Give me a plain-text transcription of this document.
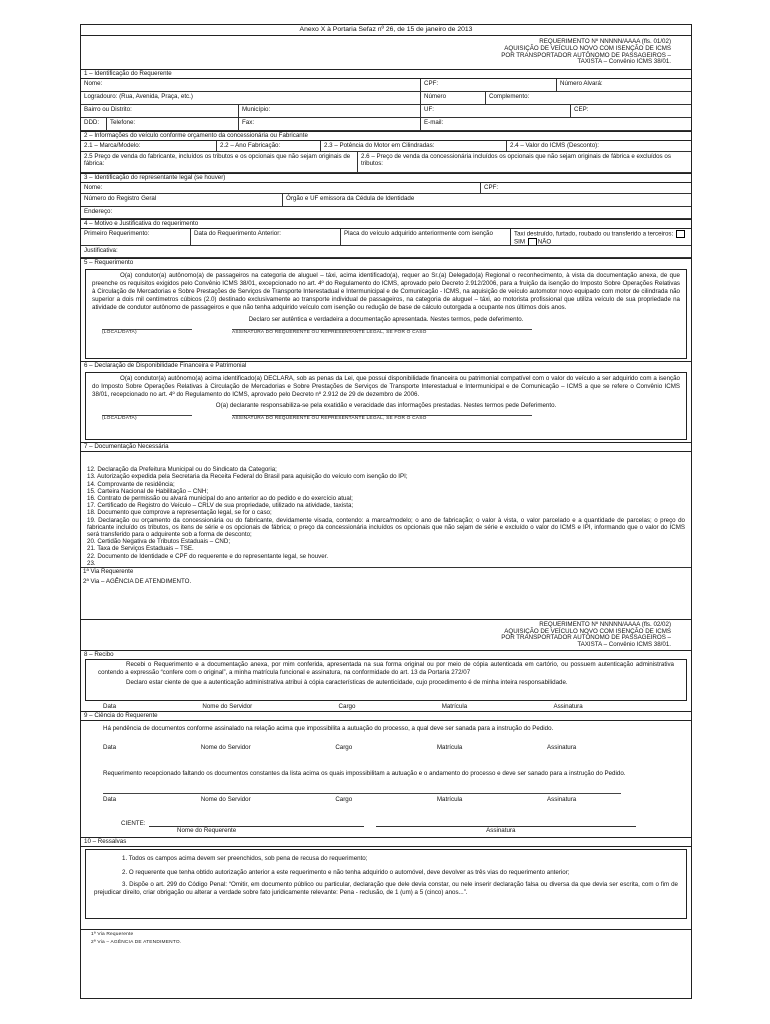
Anexo X à Portaria Sefaz nº 26, de 15 de janeiro de 2013
REQUERIMENTO Nº NNNNN/AAAA (fls. 01/02)
AQUISIÇÃO DE VEÍCULO NOVO COM ISENÇÃO DE ICMS
POR TRANSPORTADOR AUTÔNOMO DE PASSAGEIROS –
TAXISTA – Convênio ICMS 38/01.
1 – Identificação do Requerente
Nome:	CPF:	Número Alvará:
Logradouro: (Rua, Avenida, Praça, etc.)	Número	Complemento:
Bairro ou Distrito:	Município:	UF:	CEP:
DDD:	Telefone:	Fax:	E-mail:
2 – Informações do veículo conforme orçamento da concessionária ou Fabricante
2.1 – Marca/Modelo:	2.2 – Ano Fabricação:	2.3 – Potência do Motor em Cilindradas:	2.4 – Valor do ICMS (Desconto):
2.5 Preço de venda do fabricante, incluídos os tributos e os opcionais que não sejam originais de fábrica:
2.6 – Preço de venda da concessionária incluídos os opcionais que não sejam originais de fábrica e excluídos os tributos:
3 – Identificação do representante legal (se houver)
Nome:	CPF:
Número do Registro Geral	Órgão e UF emissora da Cédula de Identidade
Endereço:
4 – Motivo e Justificativa do requerimento
Primeiro Requerimento:	Data do Requerimento Anterior:	Placa do veículo adquirido anteriormente com isenção	Taxi destruído, furtado, roubado ou transferido a terceiros: SIM NÃO
Justificativa:
5 – Requerimento
O(a) condutor(a) autônomo(a) de passageiros na categoria de aluguel – táxi, acima identificado(a), requer ao Sr.(a) Delegado(a) Regional o reconhecimento, à vista da documentação anexa, de que preenche os requisitos exigidos pelo Convênio ICMS 38/01, excepcionado no art. 4º do Regulamento do ICMS, aprovado pelo Decreto 2.912/2006, para a fruição da isenção do Imposto Sobre Operações Relativas à Circulação de Mercadorias e Sobre Prestações de Serviços de Transporte Interestadual e Intermunicipal e de Comunicação - ICMS, na aquisição de veículo automotor novo equipado com motor de cilindrada não superior a dois mil centímetros cúbicos (2.0) destinado exclusivamente ao transporte individual de passageiros, na categoria de aluguel – táxi, ao motorista profissional que utiliza veículo de sua propriedade na atividade de condutor autônomo de passageiros e que não tenha adquirido veículo com isenção ou redução de base de cálculo outorgada a ocupante nos últimos dois anos.
Declaro ser autêntica e verdadeira a documentação apresentada. Nestes termos, pede deferimento.
(LOCAL/DATA)	ASSINATURA DO REQUERENTE OU REPRESENTANTE LEGAL, SE FOR O CASO
6 – Declaração de Disponibilidade Financeira e Patrimonial
O(a) condutor(a) autônomo(a) acima identificado(a) DECLARA, sob as penas da Lei, que possui disponibilidade financeira ou patrimonial compatível com o valor do veículo a ser adquirido com a isenção do Imposto Sobre Operações Relativas à Circulação de Mercadorias e Sobre Prestações de Serviços de Transporte Interestadual e Intermunicipal e de Comunicação – ICMS a que se refere o Convênio ICMS 38/01, recepcionado no art. 4º do Regulamento do ICMS, aprovado pelo Decreto nº 2.912 de 29 de dezembro de 2006.
O(a) declarante responsabiliza-se pela exatidão e veracidade das informações prestadas. Nestes termos pede Deferimento.
(LOCAL/DATA)	ASSINATURA DO REQUERENTE OU REPRESENTANTE LEGAL, SE FOR O CASO
7 – Documentação Necessária
12. Declaração da Prefeitura Municipal ou do Sindicato da Categoria;
13. Autorização expedida pela Secretaria da Receita Federal do Brasil para aquisição do veículo com isenção do IPI;
14. Comprovante de residência;
15. Carteira Nacional de Habilitação – CNH;
16. Contrato de permissão ou alvará municipal do ano anterior ao do pedido e do exercício atual;
17. Certificado de Registro do Veículo – CRLV de sua propriedade, utilizado na atividade, taxista;
18. Documento que comprove a representação legal, se for o caso;
19. Declaração ou orçamento da concessionária ou do fabricante, devidamente visada, contendo: a marca/modelo; o ano de fabricação; o valor à vista, o valor parcelado e a quantidade de parcelas; o preço do fabricante incluído os tributos, os itens de série e os opcionais de fábrica; o preço da concessionária incluídos os opcionais que não sejam de série e excluído o valor do ICMS e IPI, informando que o valor do ICMS será transferido para o adquirente sob a forma de desconto;
20. Certidão Negativa de Tributos Estaduais – CND;
21. Taxa de Serviços Estaduais – TSE.
22. Documento de Identidade e CPF do requerente e do representante legal, se houver.
23.
1ª Via Requerente
2ª Via – AGÊNCIA DE ATENDIMENTO.
REQUERIMENTO Nº NNNNN/AAAA (fls. 02/02)
AQUISIÇÃO DE VEÍCULO NOVO COM ISENÇÃO DE ICMS
POR TRANSPORTADOR AUTÔNOMO DE PASSAGEIROS –
TAXISTA – Convênio ICMS 38/01.
8 – Recibo
Recebi o Requerimento e a documentação anexa, por mim conferida, apresentada na sua forma original ou por meio de cópia autenticada em cartório, ou possuem autenticação administrativa contendo a expressão “confere com o original”, a minha matrícula funcional e assinatura, na conformidade do art. 13 da Portaria 272/07
Declaro estar ciente de que a autenticação administrativa atribui à cópia características de autenticidade, cujo procedimento é de minha inteira responsabilidade.
Data	Nome do Servidor	Cargo	Matrícula	Assinatura
9 – Ciência do Requerente
Há pendência de documentos conforme assinalado na relação acima que impossibilita a autuação do processo, a qual deve ser sanada para a instrução do Pedido.
Data	Nome do Servidor	Cargo	Matrícula	Assinatura
Requerimento recepcionado faltando os documentos constantes da lista acima os quais impossibilitam a autuação e o andamento do processo e deve ser sanado para a instrução do Pedido.
Data	Nome do Servidor	Cargo	Matrícula	Assinatura
CIENTE:
Nome do Requerente	Assinatura
10 – Ressalvas
1. Todos os campos acima devem ser preenchidos, sob pena de recusa do requerimento;
2. O requerente que tenha obtido autorização anterior a este requerimento e não tenha adquirido o automóvel, deve devolver as três vias do requerimento anterior;
3. Dispõe o art. 299 do Código Penal: “Omitir, em documento público ou particular, declaração que dele devia constar, ou nele inserir declaração falsa ou diversa da que devia ser escrita, com o fim de prejudicar direito, criar obrigação ou alterar a verdade sobre fato juridicamente relevante: Pena - reclusão, de 1 (um) a 5 (cinco) anos...”.
1ª Via Requerente
2ª Via – AGÊNCIA DE ATENDIMENTO.
